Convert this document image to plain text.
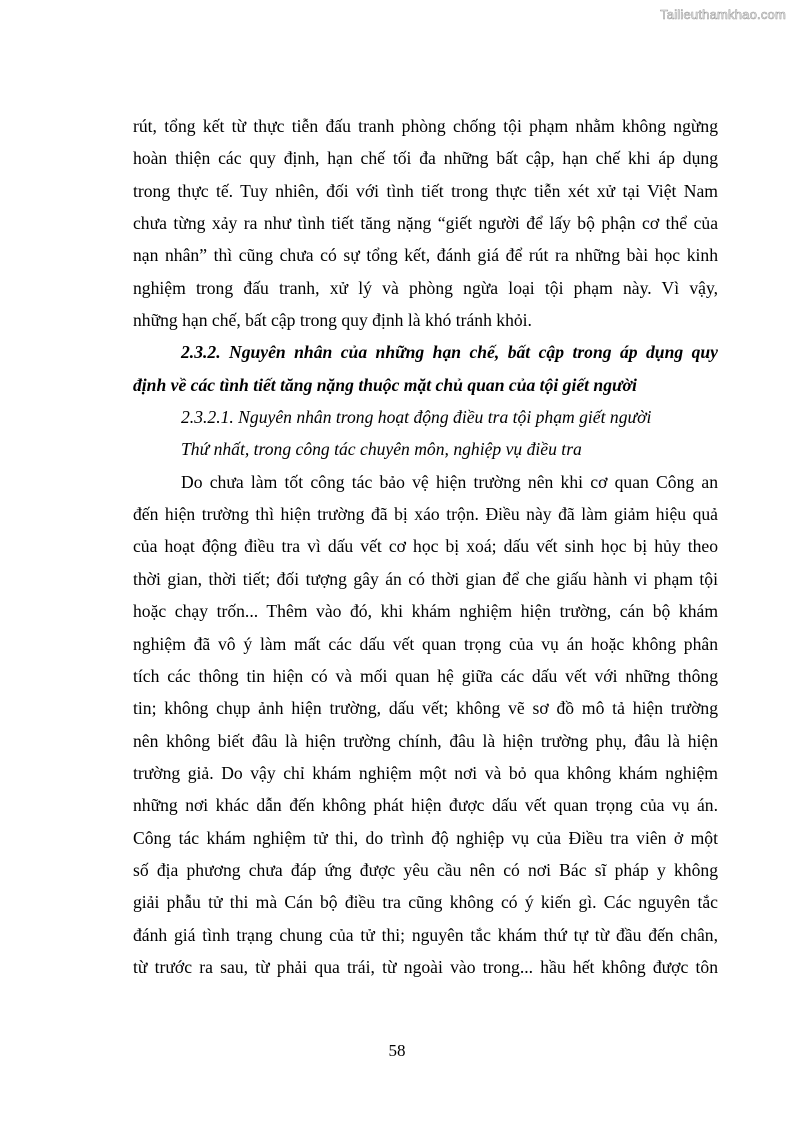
Tailieuthamkhao.com
rút, tổng kết từ thực tiễn đấu tranh phòng chống tội phạm nhằm không ngừng
hoàn thiện các quy định, hạn chế tối đa những bất cập, hạn chế khi áp dụng
trong thực tế. Tuy nhiên, đối với tình tiết trong thực tiễn xét xử tại Việt Nam
chưa từng xảy ra như tình tiết tăng nặng “giết người để lấy bộ phận cơ thể của
nạn nhân” thì cũng chưa có sự tổng kết, đánh giá để rút ra những bài học kinh
nghiệm trong đấu tranh, xử lý và phòng ngừa loại tội phạm này. Vì vậy,
những hạn chế, bất cập trong quy định là khó tránh khỏi.
2.3.2. Nguyên nhân của những hạn chế, bất cập trong áp dụng quy
định về các tình tiết tăng nặng thuộc mặt chủ quan của tội giết người
2.3.2.1. Nguyên nhân trong hoạt động điều tra tội phạm giết người
Thứ nhất, trong công tác chuyên môn, nghiệp vụ điều tra
Do chưa làm tốt công tác bảo vệ hiện trường nên khi cơ quan Công an
đến hiện trường thì hiện trường đã bị xáo trộn. Điều này đã làm giảm hiệu quả
của hoạt động điều tra vì dấu vết cơ học bị xoá; dấu vết sinh học bị hủy theo
thời gian, thời tiết; đối tượng gây án có thời gian để che giấu hành vi phạm tội
hoặc chạy trốn... Thêm vào đó, khi khám nghiệm hiện trường, cán bộ khám
nghiệm đã vô ý làm mất các dấu vết quan trọng của vụ án hoặc không phân
tích các thông tin hiện có và mối quan hệ giữa các dấu vết với những thông
tin; không chụp ảnh hiện trường, dấu vết; không vẽ sơ đồ mô tả hiện trường
nên không biết đâu là hiện trường chính, đâu là hiện trường phụ, đâu là hiện
trường giả. Do vậy chỉ khám nghiệm một nơi và bỏ qua không khám nghiệm
những nơi khác dẫn đến không phát hiện được dấu vết quan trọng của vụ án.
Công tác khám nghiệm tử thi, do trình độ nghiệp vụ của Điều tra viên ở một
số địa phương chưa đáp ứng được yêu cầu nên có nơi Bác sĩ pháp y không
giải phẫu tử thi mà Cán bộ điều tra cũng không có ý kiến gì. Các nguyên tắc
đánh giá tình trạng chung của tử thi; nguyên tắc khám thứ tự từ đầu đến chân,
từ trước ra sau, từ phải qua trái, từ ngoài vào trong... hầu hết không được tôn
58
